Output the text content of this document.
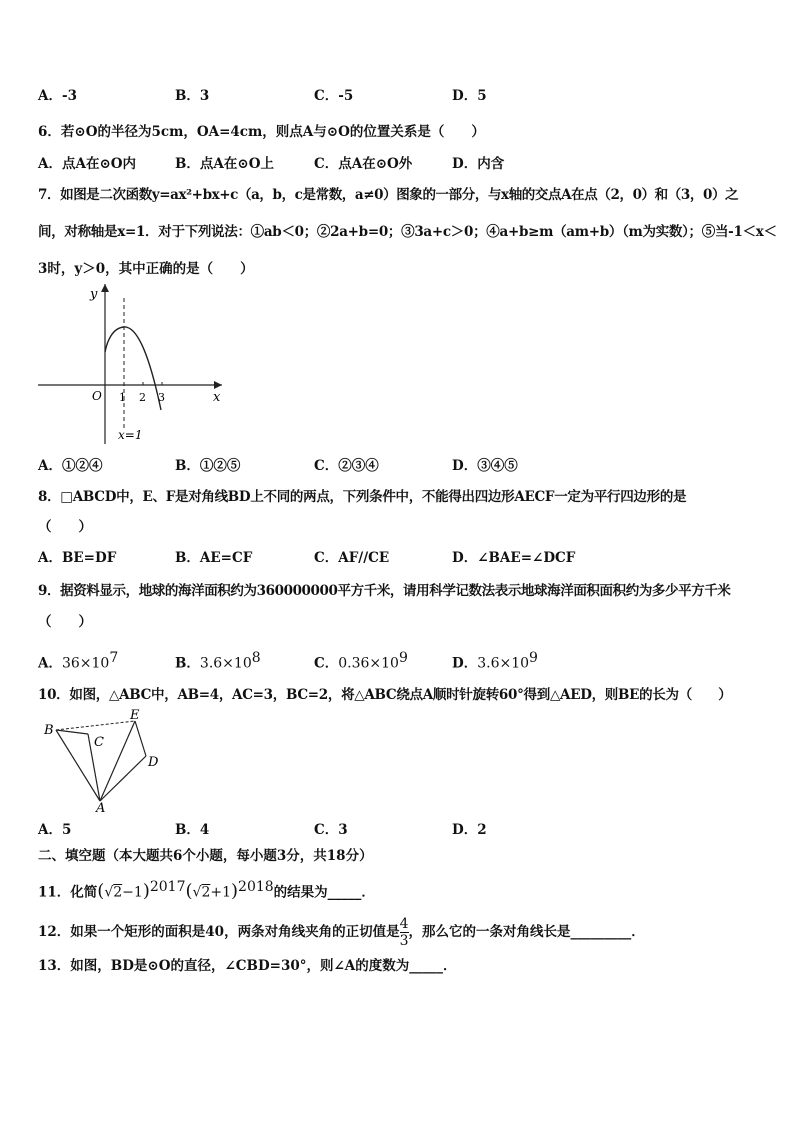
A．-3	B．3	C．-5	D．5
6．若⊙O的半径为5cm，OA=4cm，则点A与⊙O的位置关系是（　　）
A．点A在⊙O内	B．点A在⊙O上	C．点A在⊙O外	D．内含
7．如图是二次函数y=ax²+bx+c（a，b，c是常数，a≠0）图象的一部分，与x轴的交点A在点（2，0）和（3，0）之
间，对称轴是x=1．对于下列说法：①ab＜0；②2a+b=0；③3a+c＞0；④a+b≥m（am+b）（m为实数）；⑤当-1＜x＜
3时，y＞0，其中正确的是（　　）
y
x
O 1 2 3
x=1
A．①②④	B．①②⑤	C．②③④	D．③④⑤
8．□ABCD中，E、F是对角线BD上不同的两点，下列条件中，不能得出四边形AECF一定为平行四边形的是
（　　）
A．BE=DF	B．AE=CF	C．AF//CE	D．∠BAE=∠DCF
9．据资料显示，地球的海洋面积约为360000000平方千米，请用科学记数法表示地球海洋面积面积约为多少平方千米
（　　）
A．$36\times 10^7$	B．$3.6\times 10^8$	C．$0.36\times 10^9$	D．$3.6\times 10^9$
10．如图，△ABC中，AB=4，AC=3，BC=2，将△ABC绕点A顺时针旋转60°得到△AED，则BE的长为（　　）
B
C
E
D
A
A．5	B．4	C．3	D．2
二、填空题（本大题共6个小题，每小题3分，共18分）
11．化简$(√2-1)^{2017}(√2+1)^{2018}$的结果为_____．
12．如果一个矩形的面积是40，两条对角线夹角的正切值是 $\frac{4}{3}$ ，那么它的一条对角线长是_________．
13．如图，BD是⊙O的直径，∠CBD=30°，则∠A的度数为_____．
